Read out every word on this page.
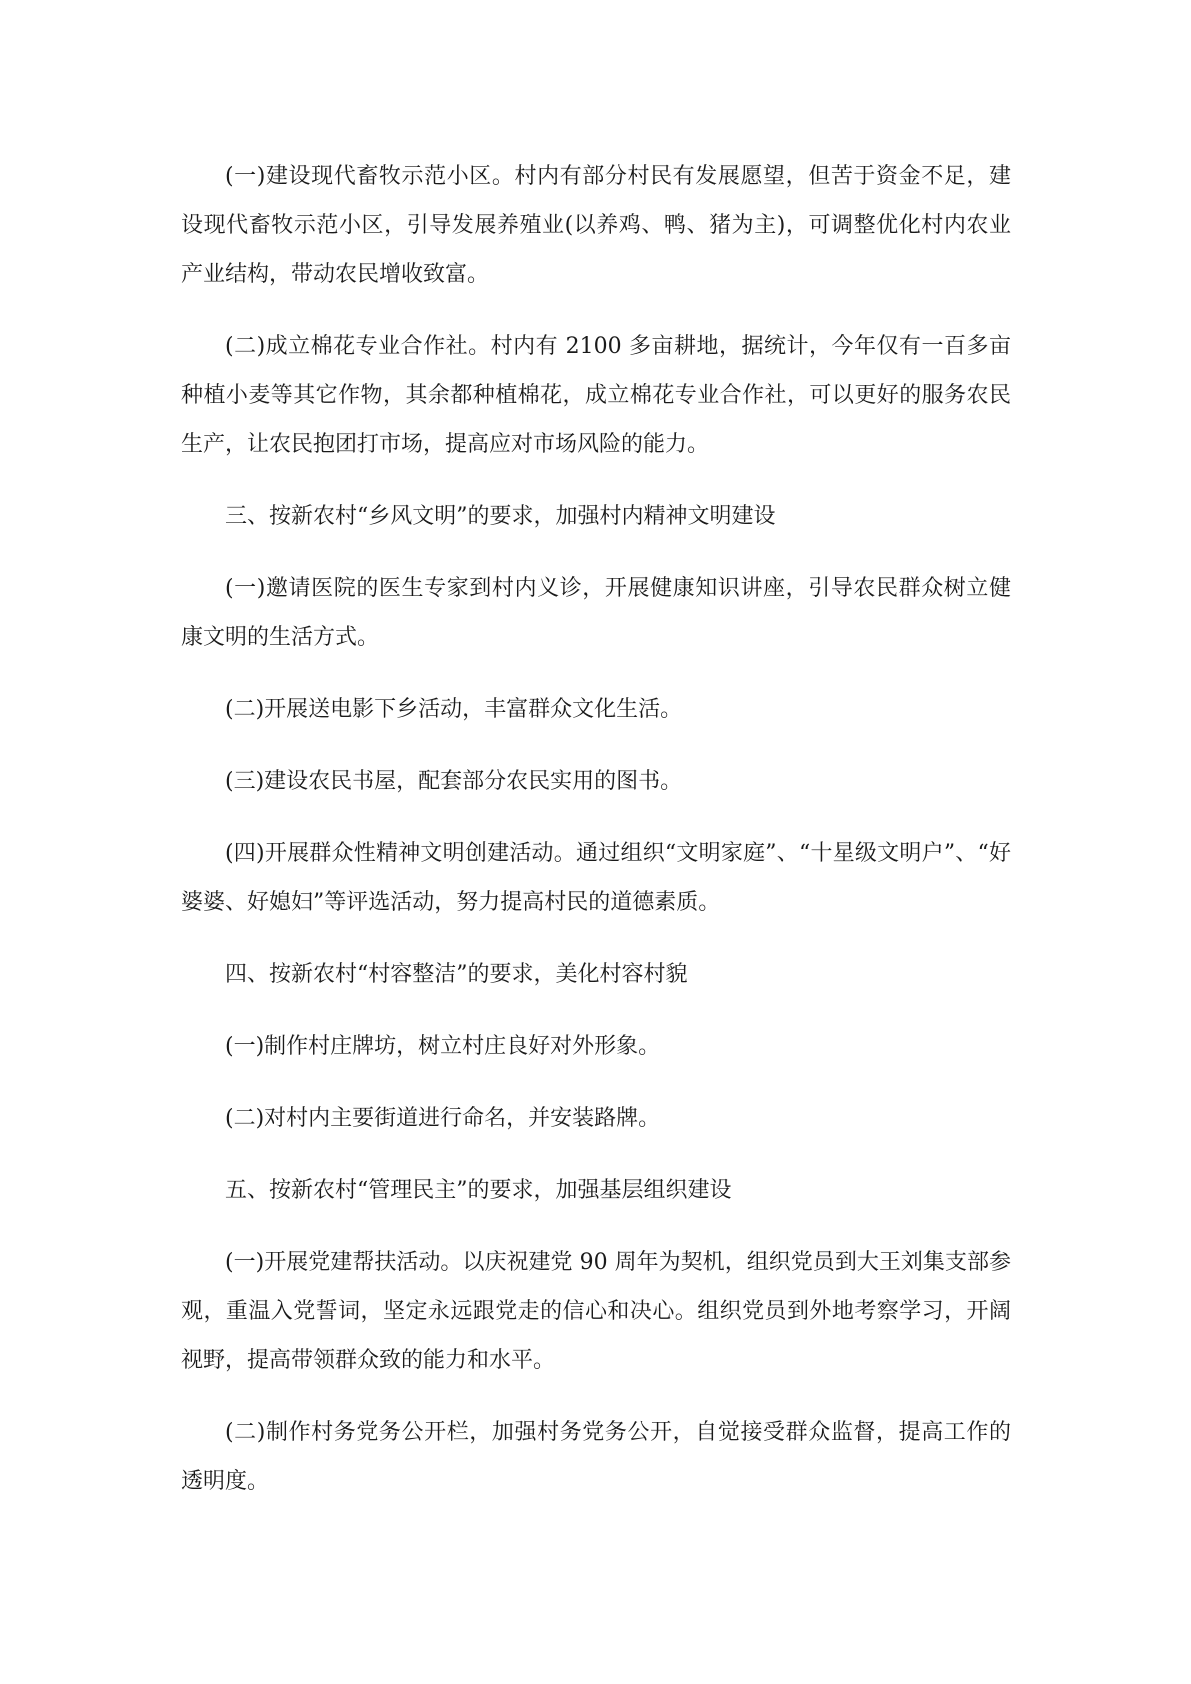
(一)建设现代畜牧示范小区。村内有部分村民有发展愿望，但苦于资金不足，建设现代畜牧示范小区，引导发展养殖业(以养鸡、鸭、猪为主)，可调整优化村内农业产业结构，带动农民增收致富。

(二)成立棉花专业合作社。村内有 2100 多亩耕地，据统计，今年仅有一百多亩种植小麦等其它作物，其余都种植棉花，成立棉花专业合作社，可以更好的服务农民生产，让农民抱团打市场，提高应对市场风险的能力。

三、按新农村“乡风文明”的要求，加强村内精神文明建设

(一)邀请医院的医生专家到村内义诊，开展健康知识讲座，引导农民群众树立健康文明的生活方式。

(二)开展送电影下乡活动，丰富群众文化生活。

(三)建设农民书屋，配套部分农民实用的图书。

(四)开展群众性精神文明创建活动。通过组织“文明家庭”、“十星级文明户”、“好婆婆、好媳妇”等评选活动，努力提高村民的道德素质。

四、按新农村“村容整洁”的要求，美化村容村貌

(一)制作村庄牌坊，树立村庄良好对外形象。

(二)对村内主要街道进行命名，并安装路牌。

五、按新农村“管理民主”的要求，加强基层组织建设

(一)开展党建帮扶活动。以庆祝建党 90 周年为契机，组织党员到大王刘集支部参观，重温入党誓词，坚定永远跟党走的信心和决心。组织党员到外地考察学习，开阔视野，提高带领群众致的能力和水平。

(二)制作村务党务公开栏，加强村务党务公开，自觉接受群众监督，提高工作的透明度。
